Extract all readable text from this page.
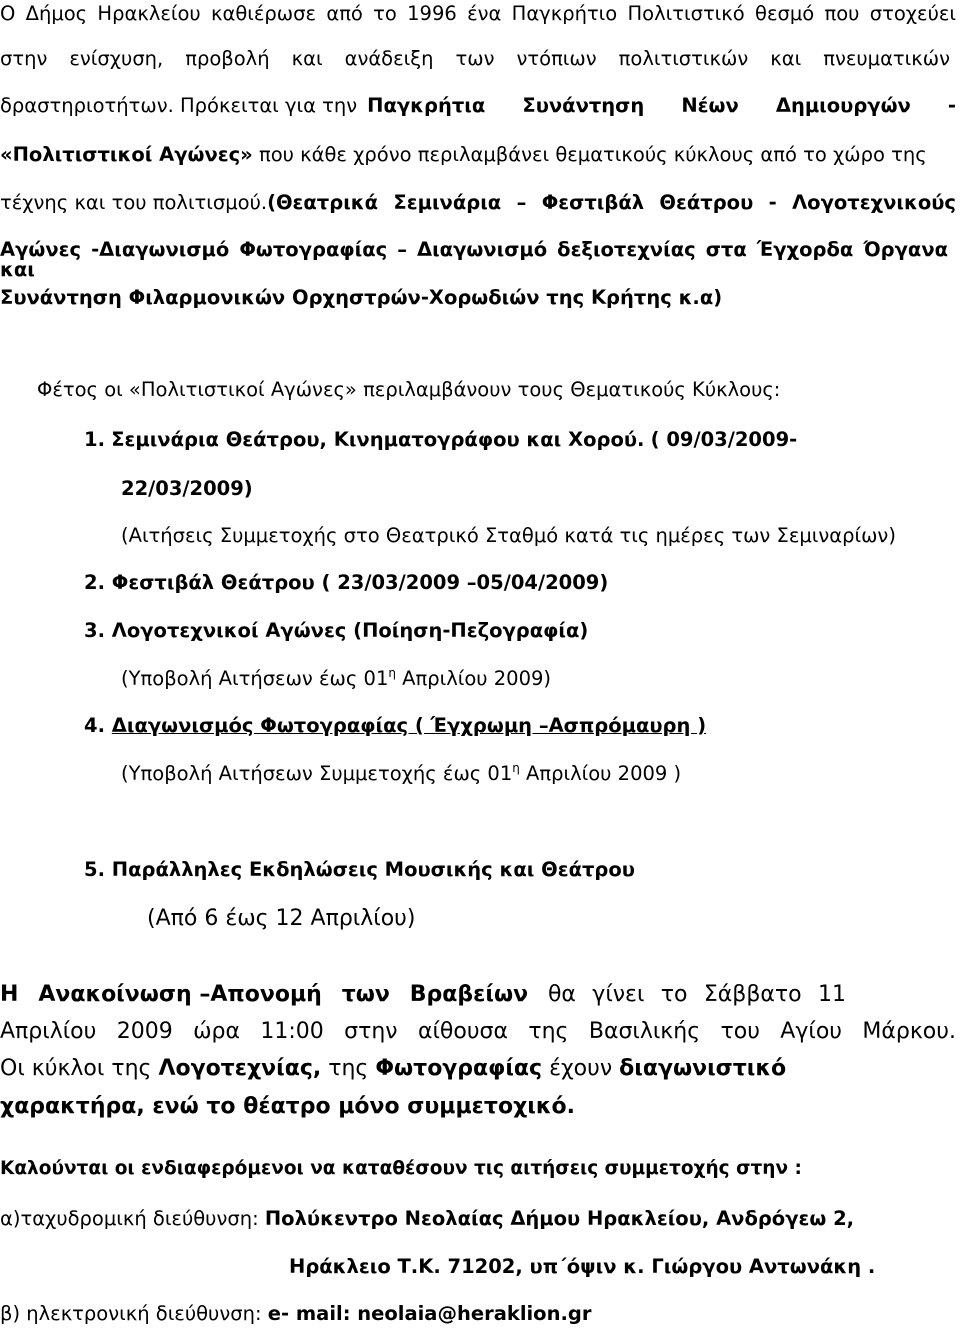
Ο Δήμος Ηρακλείου καθιέρωσε από το 1996 ένα Παγκρήτιο Πολιτιστικό θεσμό που στοχεύει
στην ενίσχυση, προβολή και ανάδειξη των ντόπιων πολιτιστικών και πνευματικών
δραστηριοτήτων. Πρόκειται για την Παγκρήτια Συνάντηση Νέων Δημιουργών -
«Πολιτιστικοί Αγώνες» που κάθε χρόνο περιλαμβάνει θεματικούς κύκλους από το χώρο της
τέχνης και του πολιτισμού. (Θεατρικά Σεμινάρια – Φεστιβάλ Θεάτρου - Λογοτεχνικούς
Αγώνες -Διαγωνισμό Φωτογραφίας – Διαγωνισμό δεξιοτεχνίας στα Έγχορδα Όργανα και
Συνάντηση Φιλαρμονικών Ορχηστρών-Χορωδιών της Κρήτης κ.α)
Φέτος οι «Πολιτιστικοί Αγώνες» περιλαμβάνουν τους Θεματικούς Κύκλους:
1. Σεμινάρια Θεάτρου, Κινηματογράφου και Χορού. ( 09/03/2009-
22/03/2009)
(Αιτήσεις Συμμετοχής στο Θεατρικό Σταθμό κατά τις ημέρες των Σεμιναρίων)
2. Φεστιβάλ Θεάτρου ( 23/03/2009 –05/04/2009)
3. Λογοτεχνικοί Αγώνες (Ποίηση-Πεζογραφία)
(Υποβολή Αιτήσεων έως $01^\eta$ Απριλίου 2009)
4. Διαγωνισμός Φωτογραφίας ( Έγχρωμη –Ασπρόμαυρη )
(Υποβολή Αιτήσεων Συμμετοχής έως $01^\eta$ Απριλίου 2009 )
5. Παράλληλες Εκδηλώσεις Μουσικής και Θεάτρου
(Από 6 έως 12 Απριλίου)
Η Ανακοίνωση –Απονομή των Βραβείων θα γίνει το Σάββατο 11
Απριλίου 2009 ώρα 11:00 στην αίθουσα της Βασιλικής του Αγίου Μάρκου.
Οι κύκλοι της Λογοτεχνίας, της Φωτογραφίας έχουν διαγωνιστικό
χαρακτήρα, ενώ το θέατρο μόνο συμμετοχικό.
Καλούνται οι ενδιαφερόμενοι να καταθέσουν τις αιτήσεις συμμετοχής στην :
α)ταχυδρομική διεύθυνση: Πολύκεντρο Νεολαίας Δήμου Ηρακλείου, Ανδρόγεω 2,
Ηράκλειο Τ.Κ. 71202, υπ΄όψιν κ. Γιώργου Αντωνάκη .
β) ηλεκτρονική διεύθυνση: e- mail: neolaia@heraklion.gr
